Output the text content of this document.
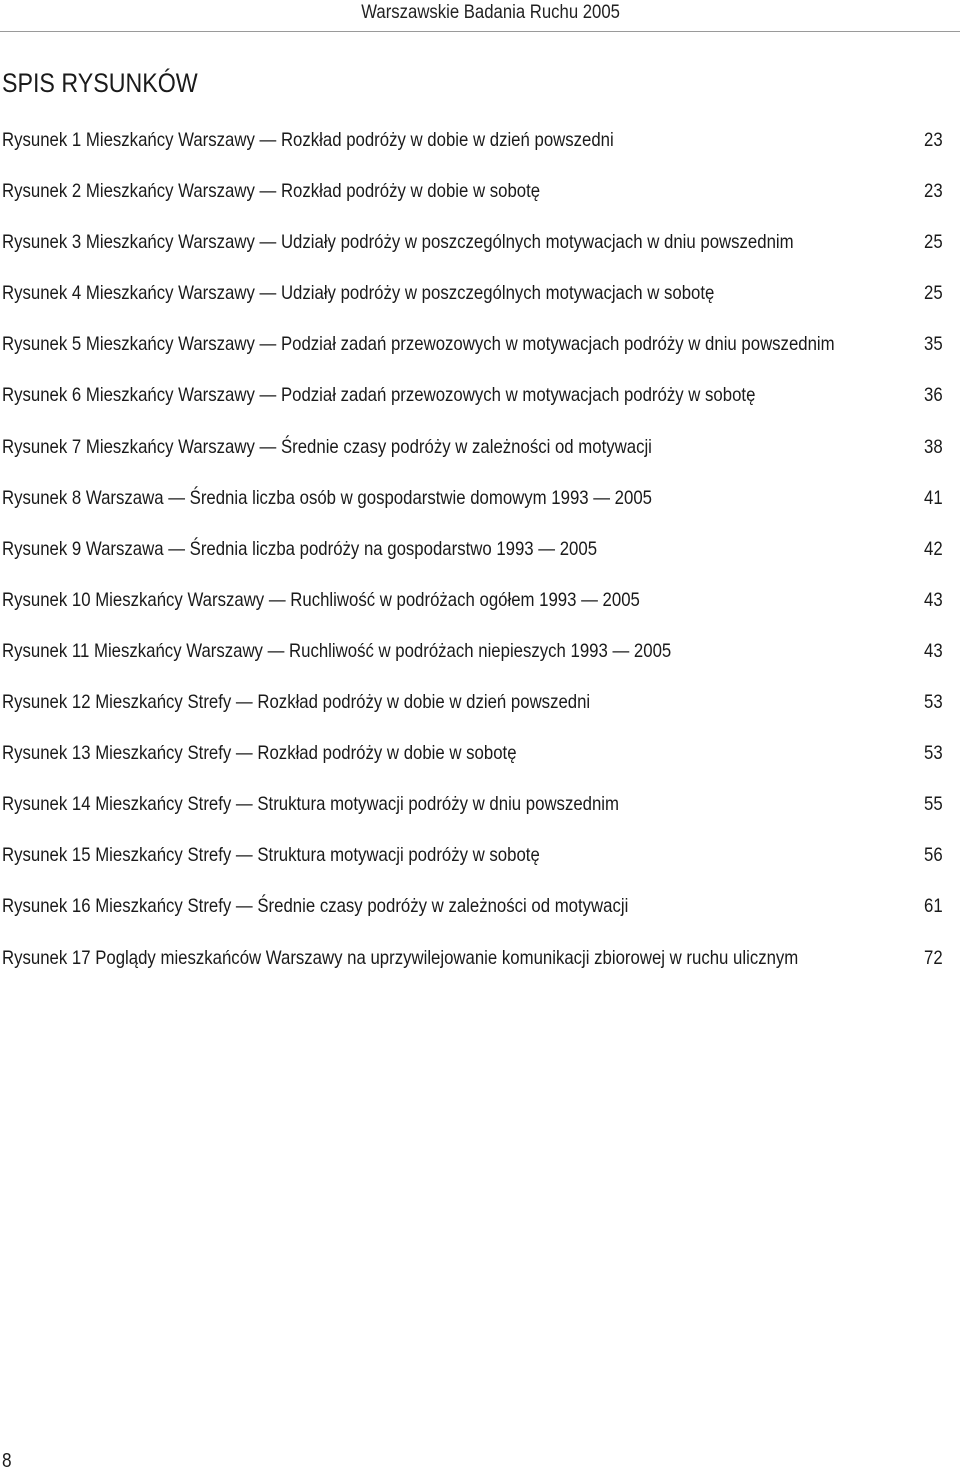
Warszawskie Badania Ruchu 2005
SPIS RYSUNKÓW
Rysunek 1 Mieszkańcy Warszawy — Rozkład podróży w dobie w dzień powszedni	23
Rysunek 2 Mieszkańcy Warszawy — Rozkład podróży w dobie w sobotę	23
Rysunek 3 Mieszkańcy Warszawy — Udziały podróży w poszczególnych motywacjach w dniu powszednim	25
Rysunek 4 Mieszkańcy Warszawy — Udziały podróży w poszczególnych motywacjach w sobotę	25
Rysunek 5 Mieszkańcy Warszawy — Podział zadań przewozowych w motywacjach podróży w dniu powszednim	35
Rysunek 6 Mieszkańcy Warszawy — Podział zadań przewozowych w motywacjach podróży w sobotę	36
Rysunek 7 Mieszkańcy Warszawy — Średnie czasy podróży w zależności od motywacji	38
Rysunek 8 Warszawa — Średnia liczba osób w gospodarstwie domowym 1993 — 2005	41
Rysunek 9 Warszawa — Średnia liczba podróży na gospodarstwo 1993 — 2005	42
Rysunek 10 Mieszkańcy Warszawy — Ruchliwość w podróżach ogółem 1993 — 2005	43
Rysunek 11 Mieszkańcy Warszawy — Ruchliwość w podróżach niepieszych 1993 — 2005	43
Rysunek 12 Mieszkańcy Strefy — Rozkład podróży w dobie w dzień powszedni	53
Rysunek 13 Mieszkańcy Strefy — Rozkład podróży w dobie w sobotę	53
Rysunek 14 Mieszkańcy Strefy — Struktura motywacji podróży w dniu powszednim	55
Rysunek 15 Mieszkańcy Strefy — Struktura motywacji podróży w sobotę	56
Rysunek 16 Mieszkańcy Strefy — Średnie czasy podróży w zależności od motywacji	61
Rysunek 17 Poglądy mieszkańców Warszawy na uprzywilejowanie komunikacji zbiorowej w ruchu ulicznym	72
8
